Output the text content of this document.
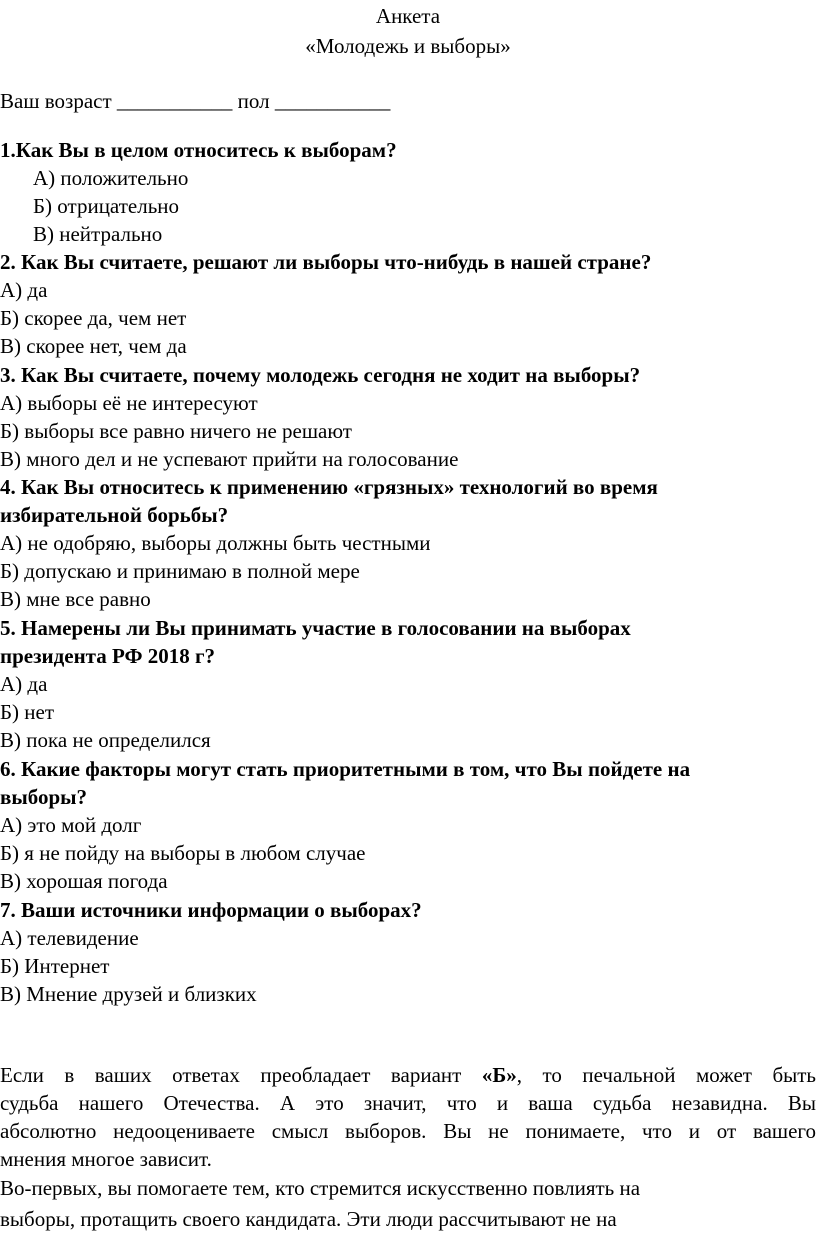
Анкета
«Молодежь и выборы»
Ваш возраст ___________ пол ___________
1.Как Вы в целом относитесь к выборам?
А) положительно
Б) отрицательно
В) нейтрально
2. Как Вы считаете, решают ли выборы что-нибудь в нашей стране?
А) да
Б) скорее да, чем нет
В) скорее нет, чем да
3. Как Вы считаете, почему молодежь сегодня не ходит на выборы?
А) выборы её не интересуют
Б) выборы все равно ничего не решают
В) много дел и не успевают прийти на голосование
4. Как Вы относитесь к применению «грязных» технологий во время
избирательной борьбы?
А) не одобряю, выборы должны быть честными
Б) допускаю и принимаю в полной мере
В) мне все равно
5. Намерены ли Вы принимать участие в голосовании на выборах
президента РФ 2018 г?
А) да
Б) нет
В) пока не определился
6. Какие факторы могут стать приоритетными в том, что Вы пойдете на
выборы?
А) это мой долг
Б) я не пойду на выборы в любом случае
В) хорошая погода
7. Ваши источники информации о выборах?
А) телевидение
Б) Интернет
В) Мнение друзей и близких
Если в ваших ответах преобладает вариант «Б», то печальной может быть
судьба нашего Отечества. А это значит, что и ваша судьба незавидна. Вы
абсолютно недооцениваете смысл выборов. Вы не понимаете, что и от вашего
мнения многое зависит.
Во-первых, вы помогаете тем, кто стремится искусственно повлиять на
выборы, протащить своего кандидата. Эти люди рассчитывают не на
